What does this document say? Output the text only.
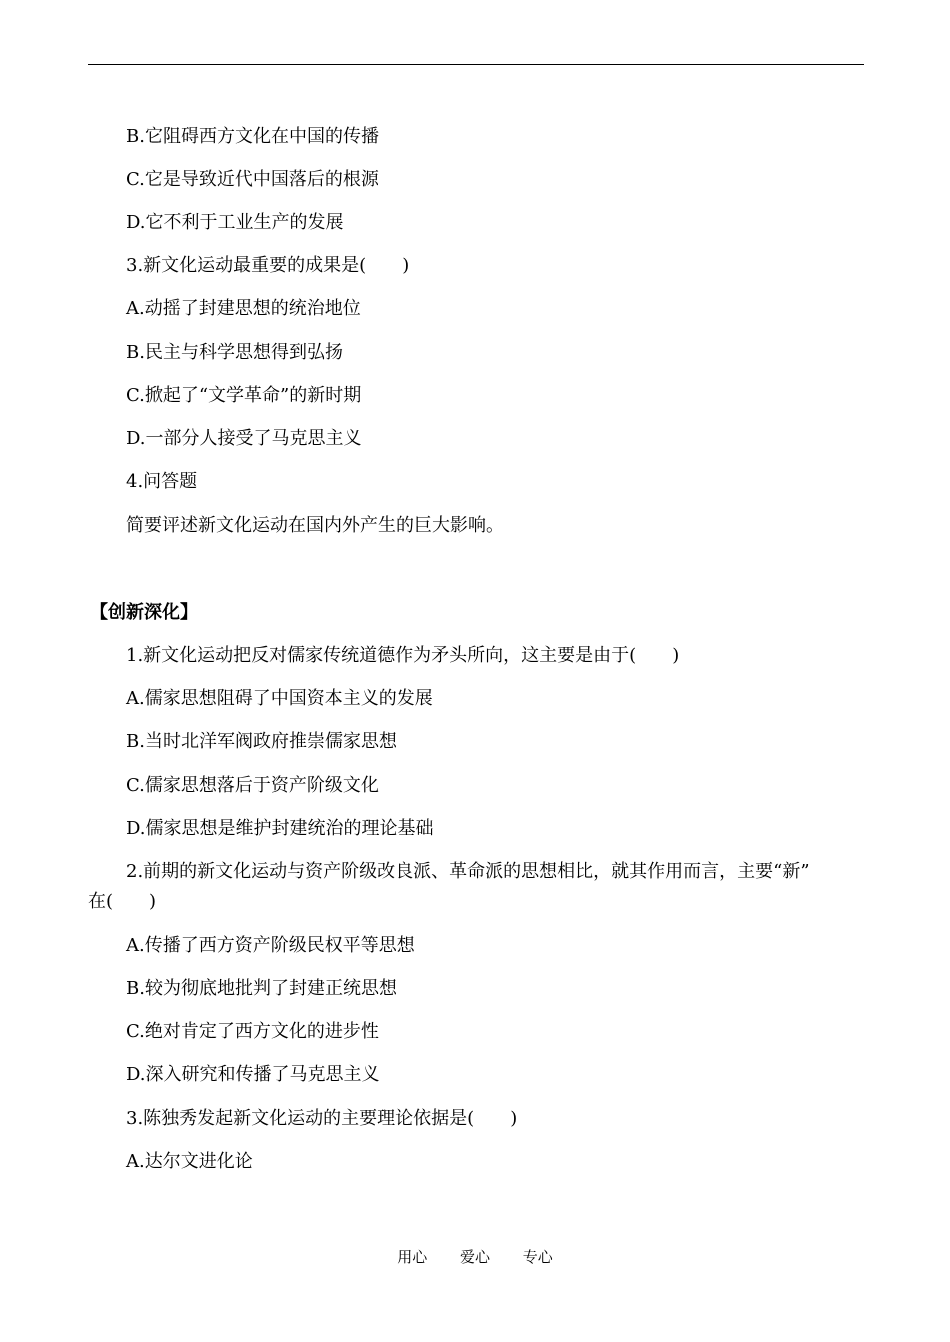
B.它阻碍西方文化在中国的传播
C.它是导致近代中国落后的根源
D.它不利于工业生产的发展
3.新文化运动最重要的成果是(　　)
A.动摇了封建思想的统治地位
B.民主与科学思想得到弘扬
C.掀起了“文学革命”的新时期
D.一部分人接受了马克思主义
4.问答题
简要评述新文化运动在国内外产生的巨大影响。
【创新深化】
1.新文化运动把反对儒家传统道德作为矛头所向，这主要是由于(　　)
A.儒家思想阻碍了中国资本主义的发展
B.当时北洋军阀政府推崇儒家思想
C.儒家思想落后于资产阶级文化
D.儒家思想是维护封建统治的理论基础
2.前期的新文化运动与资产阶级改良派、革命派的思想相比，就其作用而言，主要“新”
在(　　)
A.传播了西方资产阶级民权平等思想
B.较为彻底地批判了封建正统思想
C.绝对肯定了西方文化的进步性
D.深入研究和传播了马克思主义
3.陈独秀发起新文化运动的主要理论依据是(　　)
A.达尔文进化论
用心 爱心 专心
